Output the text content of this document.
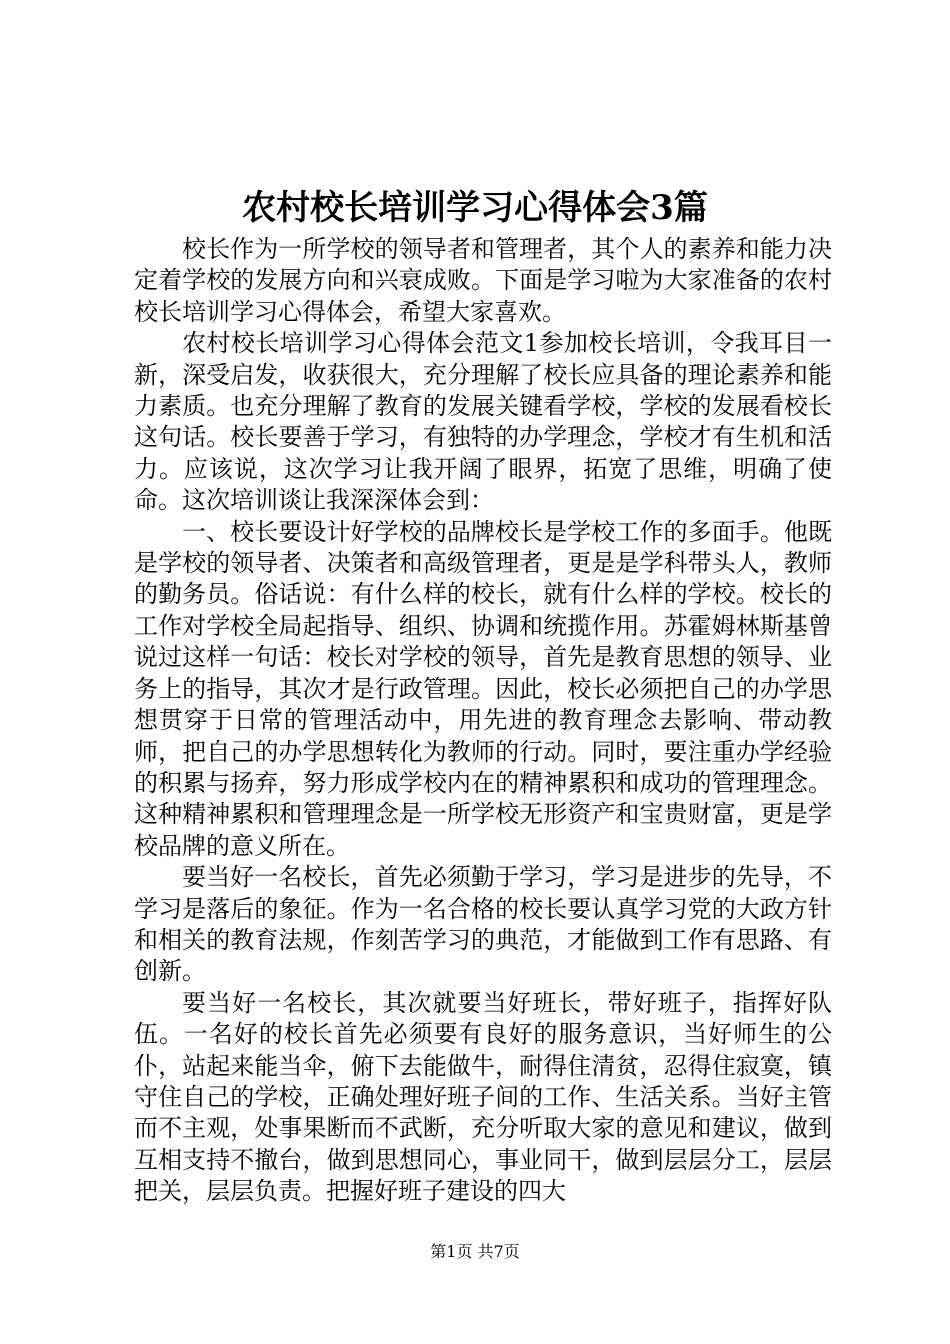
农村校长培训学习心得体会3篇

校长作为一所学校的领导者和管理者，其个人的素养和能力决定着学校的发展方向和兴衰成败。下面是学习啦为大家准备的农村校长培训学习心得体会，希望大家喜欢。

农村校长培训学习心得体会范文1参加校长培训，令我耳目一新，深受启发，收获很大，充分理解了校长应具备的理论素养和能力素质。也充分理解了教育的发展关键看学校，学校的发展看校长这句话。校长要善于学习，有独特的办学理念，学校才有生机和活力。应该说，这次学习让我开阔了眼界，拓宽了思维，明确了使命。这次培训谈让我深深体会到：

一、校长要设计好学校的品牌校长是学校工作的多面手。他既是学校的领导者、决策者和高级管理者，更是是学科带头人，教师的勤务员。俗话说：有什么样的校长，就有什么样的学校。校长的工作对学校全局起指导、组织、协调和统揽作用。苏霍姆林斯基曾说过这样一句话：校长对学校的领导，首先是教育思想的领导、业务上的指导，其次才是行政管理。因此，校长必须把自己的办学思想贯穿于日常的管理活动中，用先进的教育理念去影响、带动教师，把自己的办学思想转化为教师的行动。同时，要注重办学经验的积累与扬弃，努力形成学校内在的精神累积和成功的管理理念。这种精神累积和管理理念是一所学校无形资产和宝贵财富，更是学校品牌的意义所在。

要当好一名校长，首先必须勤于学习，学习是进步的先导，不学习是落后的象征。作为一名合格的校长要认真学习党的大政方针和相关的教育法规，作刻苦学习的典范，才能做到工作有思路、有创新。

要当好一名校长，其次就要当好班长，带好班子，指挥好队伍。一名好的校长首先必须要有良好的服务意识，当好师生的公仆，站起来能当伞，俯下去能做牛，耐得住清贫，忍得住寂寞，镇守住自己的学校，正确处理好班子间的工作、生活关系。当好主管而不主观，处事果断而不武断，充分听取大家的意见和建议，做到互相支持不撤台，做到思想同心，事业同干，做到层层分工，层层把关，层层负责。把握好班子建设的四大

第1页 共7页
